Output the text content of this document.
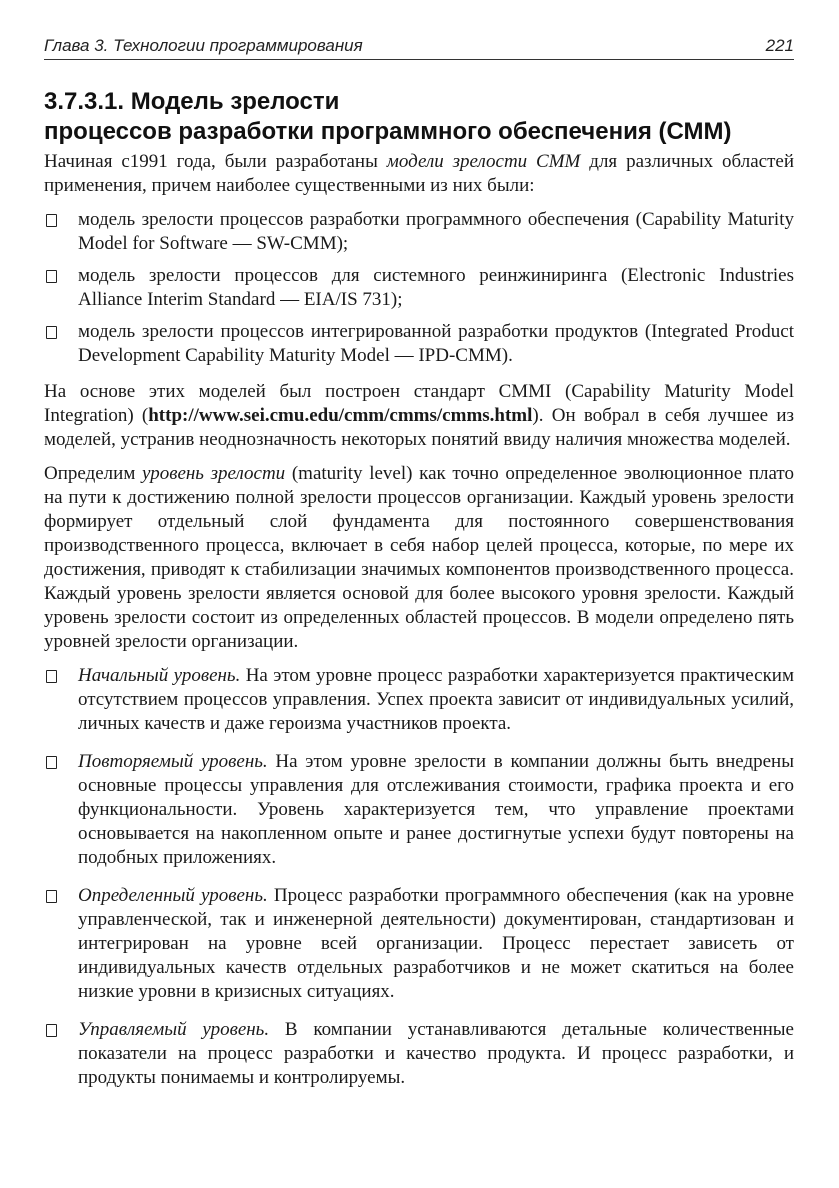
Глава 3. Технологии программирования	221
3.7.3.1. Модель зрелости
процессов разработки программного обеспечения (СММ)

Начиная с1991 года, были разработаны модели зрелости СММ для различных областей применения, причем наиболее существенными из них были:

модель зрелости процессов разработки программного обеспечения (Capability Maturity Model for Software — SW-CMM);
модель зрелости процессов для системного реинжиниринга (Electronic Industries Alliance Interim Standard — EIA/IS 731);
модель зрелости процессов интегрированной разработки продуктов (Integrated Product Development Capability Maturity Model — IPD-CMM).

На основе этих моделей был построен стандарт CMMI (Capability Maturity Model Integration) (http://www.sei.cmu.edu/cmm/cmms/cmms.html). Он вобрал в себя лучшее из моделей, устранив неоднозначность некоторых понятий ввиду наличия множества моделей.

Определим уровень зрелости (maturity level) как точно определенное эволюционное плато на пути к достижению полной зрелости процессов организации. Каждый уровень зрелости формирует отдельный слой фундамента для постоянного совершенствования производственного процесса, включает в себя набор целей процесса, которые, по мере их достижения, приводят к стабилизации значимых компонентов производственного процесса. Каждый уровень зрелости является основой для более высокого уровня зрелости. Каждый уровень зрелости состоит из определенных областей процессов. В модели определено пять уровней зрелости организации.

Начальный уровень. На этом уровне процесс разработки характеризуется практическим отсутствием процессов управления. Успех проекта зависит от индивидуальных усилий, личных качеств и даже героизма участников проекта.
Повторяемый уровень. На этом уровне зрелости в компании должны быть внедрены основные процессы управления для отслеживания стоимости, графика проекта и его функциональности. Уровень характеризуется тем, что управление проектами основывается на накопленном опыте и ранее достигнутые успехи будут повторены на подобных приложениях.
Определенный уровень. Процесс разработки программного обеспечения (как на уровне управленческой, так и инженерной деятельности) документирован, стандартизован и интегрирован на уровне всей организации. Процесс перестает зависеть от индивидуальных качеств отдельных разработчиков и не может скатиться на более низкие уровни в кризисных ситуациях.
Управляемый уровень. В компании устанавливаются детальные количественные показатели на процесс разработки и качество продукта. И процесс разработки, и продукты понимаемы и контролируемы.
